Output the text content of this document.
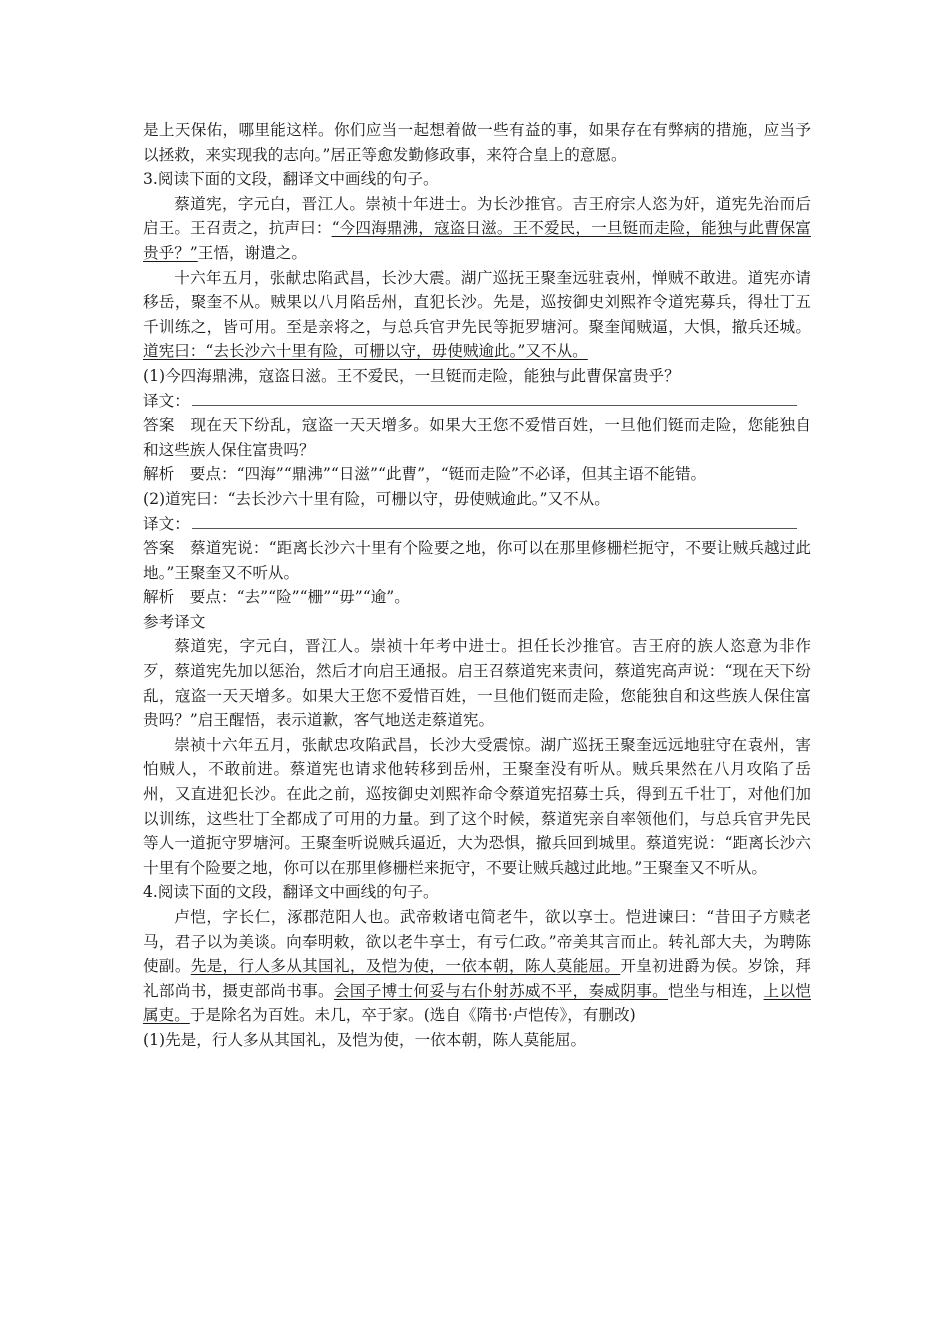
是上天保佑，哪里能这样。你们应当一起想着做一些有益的事，如果存在有弊病的措施，应当予以拯救，来实现我的志向。”居正等愈发勤修政事，来符合皇上的意愿。

3.阅读下面的文段，翻译文中画线的句子。

蔡道宪，字元白，晋江人。崇祯十年进士。为长沙推官。吉王府宗人恣为奸，道宪先治而后启王。王召责之，抗声曰：“今四海鼎沸，寇盗日滋。王不爱民，一旦铤而走险，能独与此曹保富贵乎？”王悟，谢遣之。

十六年五月，张献忠陷武昌，长沙大震。湖广巡抚王聚奎远驻袁州，惮贼不敢进。道宪亦请移岳，聚奎不从。贼果以八月陷岳州，直犯长沙。先是，巡按御史刘熙祚令道宪募兵，得壮丁五千训练之，皆可用。至是亲将之，与总兵官尹先民等扼罗塘河。聚奎闻贼逼，大惧，撤兵还城。道宪曰：“去长沙六十里有险，可栅以守，毋使贼逾此。”又不从。

(1)今四海鼎沸，寇盗日滋。王不爱民，一旦铤而走险，能独与此曹保富贵乎？

译文：

答案 现在天下纷乱，寇盗一天天增多。如果大王您不爱惜百姓，一旦他们铤而走险，您能独自和这些族人保住富贵吗？

解析 要点：“四海”“鼎沸”“日滋”“此曹”，“铤而走险”不必译，但其主语不能错。

(2)道宪曰：“去长沙六十里有险，可栅以守，毋使贼逾此。”又不从。

译文：

答案 蔡道宪说：“距离长沙六十里有个险要之地，你可以在那里修栅栏扼守，不要让贼兵越过此地。”王聚奎又不听从。

解析 要点：“去”“险”“栅”“毋”“逾”。

参考译文

蔡道宪，字元白，晋江人。崇祯十年考中进士。担任长沙推官。吉王府的族人恣意为非作歹，蔡道宪先加以惩治，然后才向启王通报。启王召蔡道宪来责问，蔡道宪高声说：“现在天下纷乱，寇盗一天天增多。如果大王您不爱惜百姓，一旦他们铤而走险，您能独自和这些族人保住富贵吗？”启王醒悟，表示道歉，客气地送走蔡道宪。

崇祯十六年五月，张献忠攻陷武昌，长沙大受震惊。湖广巡抚王聚奎远远地驻守在袁州，害怕贼人，不敢前进。蔡道宪也请求他转移到岳州，王聚奎没有听从。贼兵果然在八月攻陷了岳州，又直进犯长沙。在此之前，巡按御史刘熙祚命令蔡道宪招募士兵，得到五千壮丁，对他们加以训练，这些壮丁全都成了可用的力量。到了这个时候，蔡道宪亲自率领他们，与总兵官尹先民等人一道扼守罗塘河。王聚奎听说贼兵逼近，大为恐惧，撤兵回到城里。蔡道宪说：“距离长沙六十里有个险要之地，你可以在那里修栅栏来扼守，不要让贼兵越过此地。”王聚奎又不听从。

4.阅读下面的文段，翻译文中画线的句子。

卢恺，字长仁，涿郡范阳人也。武帝敕诸屯简老牛，欲以享士。恺进谏曰：“昔田子方赎老马，君子以为美谈。向奉明敕，欲以老牛享士，有亏仁政。”帝美其言而止。转礼部大夫，为聘陈使副。先是，行人多从其国礼，及恺为使，一依本朝，陈人莫能屈。开皇初进爵为侯。岁馀，拜礼部尚书，摄吏部尚书事。会国子博士何妥与右仆射苏威不平，奏威阴事。恺坐与相连，上以恺属吏。于是除名为百姓。未几，卒于家。(选自《隋书·卢恺传》，有删改)

(1)先是，行人多从其国礼，及恺为使，一依本朝，陈人莫能屈。
